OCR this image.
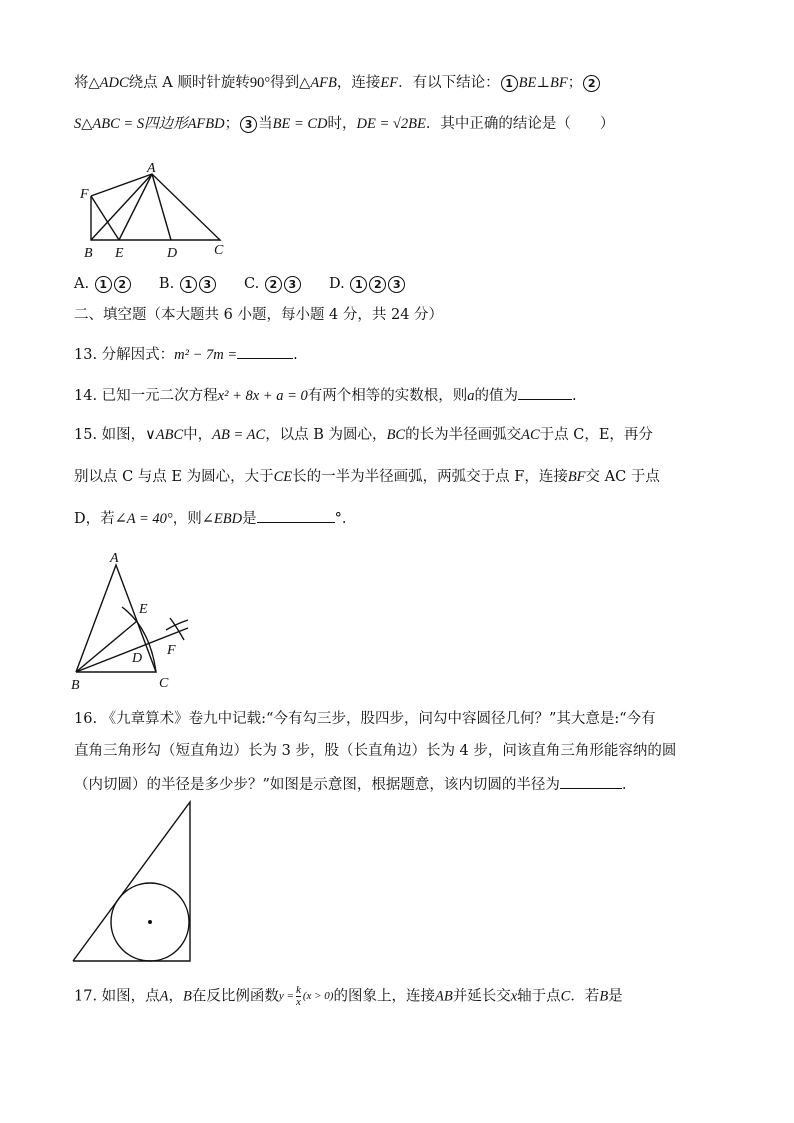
将△ADC绕点 A 顺时针旋转90°得到△AFB，连接EF．有以下结论： 1 BE⊥BF； 2
S△ABC = S四边形AFBD； 3 当BE = CD时，DE = √2BE．其中正确的结论是（　　）
A
F
B E	D	C
A. 1 2 B. 1 3 C. 2 3 D. 1 2 3
二、填空题（本大题共 6 小题，每小题 4 分，共 24 分）
13. 分解因式：m² − 7m =	.
14. 已知一元二次方程x² + 8x + a = 0有两个相等的实数根，则a的值为	.
15. 如图，∨ABC中，AB = AC，以点 B 为圆心，BC的长为半径画弧交AC于点 C，E，再分
别以点 C 与点 E 为圆心，大于CE长的一半为半径画弧，两弧交于点 F，连接BF交 AC 于点
D，若∠A = 40°，则∠EBD是	°.
A
E
D
F
B	C
16. 《九章算术》卷九中记载:“今有勾三步，股四步，问勾中容圆径几何？”其大意是:“今有
直角三角形勾（短直角边）长为 3 步，股（长直角边）长为 4 步，问该直角三角形能容纳的圆
（内切圆）的半径是多少步？”如图是示意图，根据题意，该内切圆的半径为	.
17. 如图，点A，B在反比例函数$y = \frac{k}{x} (x > 0)$的图象上，连接AB并延长交x轴于点C．若B是
